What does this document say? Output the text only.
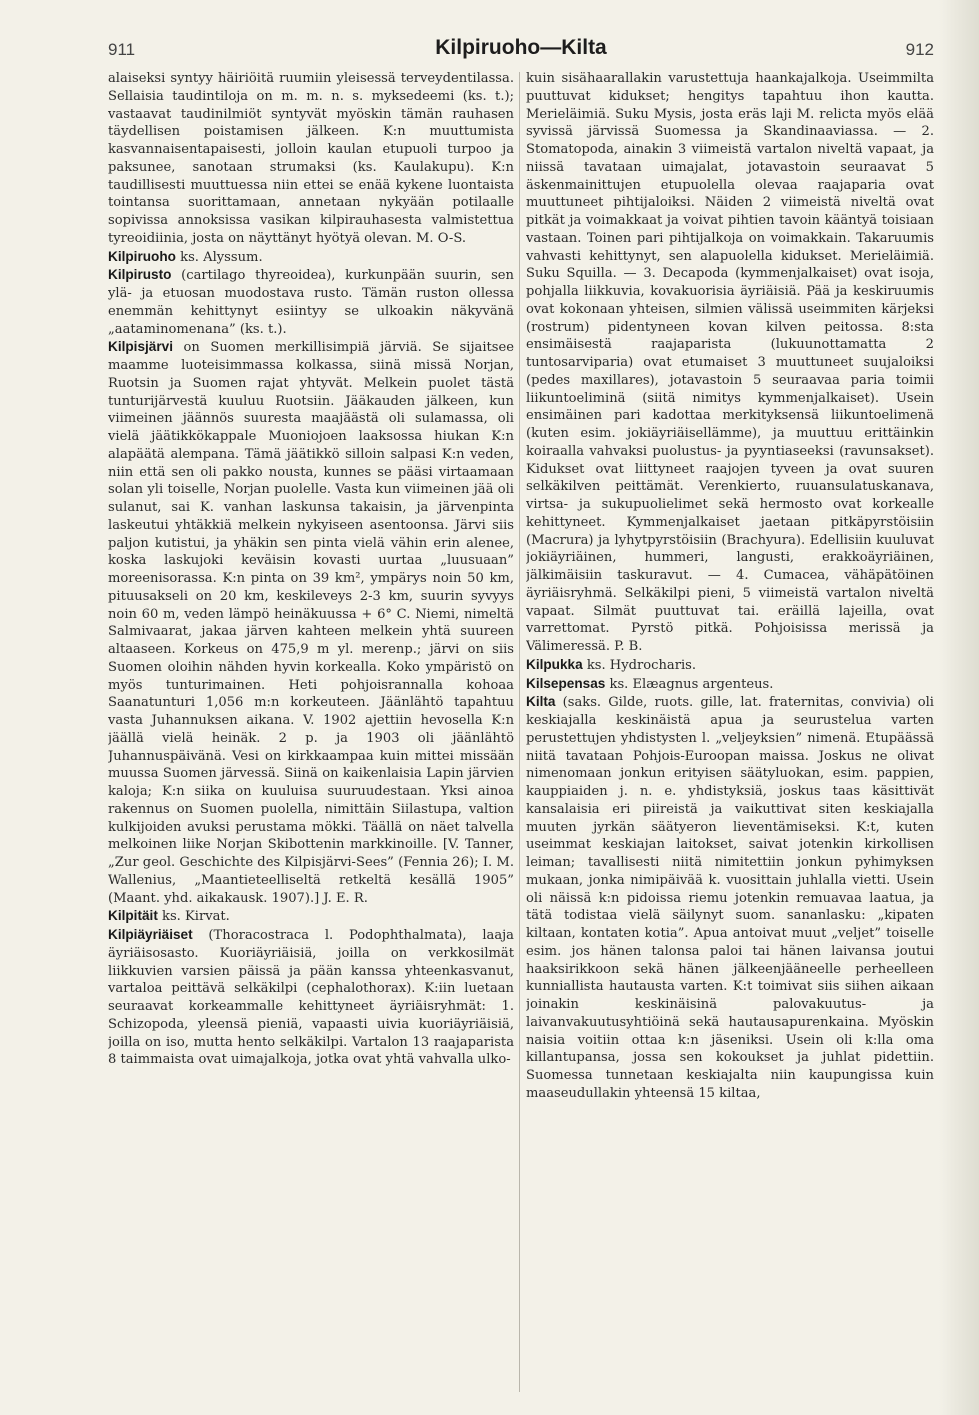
911	Kilpiruoho—Kilta	912

alaiseksi syntyy häiriöitä ruumiin yleisessä terveydentilassa. Sellaisia taudintiloja on m. m. n. s. myksedeemi (ks. t.); vastaavat taudinilmiöt syntyvät myöskin tämän rauhasen täydellisen poistamisen jälkeen. K:n muuttumista kasvannaisentapaisesti, jolloin kaulan etupuoli turpoo ja paksunee, sanotaan strumaksi (ks. Kaulakupu). K:n taudillisesti muuttuessa niin ettei se enää kykene luontaista tointansa suorittamaan, annetaan nykyään potilaalle sopivissa annoksissa vasikan kilpirauhasesta valmistettua tyreoidiinia, josta on näyttänyt hyötyä olevan. M. O-S.

Kilpiruoho ks. Alyssum.

Kilpirusto (cartilago thyreoidea), kurkunpään suurin, sen ylä- ja etuosan muodostava rusto. Tämän ruston ollessa enemmän kehittynyt esiintyy se ulkoakin näkyvänä „aataminomenana” (ks. t.).

Kilpisjärvi on Suomen merkillisimpiä järviä. Se sijaitsee maamme luoteisimmassa kolkassa, siinä missä Norjan, Ruotsin ja Suomen rajat yhtyvät. Melkein puolet tästä tunturijärvestä kuuluu Ruotsiin. Jääkauden jälkeen, kun viimeinen jäännös suuresta maajäästä oli sulamassa, oli vielä jäätikkökappale Muoniojoen laaksossa hiukan K:n alapäätä alempana. Tämä jäätikkö silloin salpasi K:n veden, niin että sen oli pakko nousta, kunnes se pääsi virtaamaan solan yli toiselle, Norjan puolelle. Vasta kun viimeinen jää oli sulanut, sai K. vanhan laskunsa takaisin, ja järvenpinta laskeutui yhtäkkiä melkein nykyiseen asentoonsa. Järvi siis paljon kutistui, ja yhäkin sen pinta vielä vähin erin alenee, koska laskujoki keväisin kovasti uurtaa „luusuaan” moreenisorassa. K:n pinta on 39 km², ympärys noin 50 km, pituusakseli on 20 km, keskileveys 2-3 km, suurin syvyys noin 60 m, veden lämpö heinäkuussa + 6° C. Niemi, nimeltä Salmivaarat, jakaa järven kahteen melkein yhtä suureen altaaseen. Korkeus on 475,9 m yl. merenp.; järvi on siis Suomen oloihin nähden hyvin korkealla. Koko ympäristö on myös tunturimainen. Heti pohjoisrannalla kohoaa Saanatunturi 1,056 m:n korkeuteen. Jäänlähtö tapahtuu vasta Juhannuksen aikana. V. 1902 ajettiin hevosella K:n jäällä vielä heinäk. 2 p. ja 1903 oli jäänlähtö Juhannuspäivänä. Vesi on kirkkaampaa kuin mittei missään muussa Suomen järvessä. Siinä on kaikenlaisia Lapin järvien kaloja; K:n siika on kuuluisa suuruudestaan. Yksi ainoa rakennus on Suomen puolella, nimittäin Siilastupa, valtion kulkijoiden avuksi perustama mökki. Täällä on näet talvella melkoinen liike Norjan Skibottenin markkinoille. [V. Tanner, „Zur geol. Geschichte des Kilpisjärvi-Sees” (Fennia 26); I. M. Wallenius, „Maantieteelliseltä retkeltä kesällä 1905” (Maant. yhd. aikakausk. 1907).] J. E. R.

Kilpitäit ks. Kirvat.

Kilpiäyriäiset (Thoracostraca l. Podophthalmata), laaja äyriäisosasto. Kuoriäyriäisiä, joilla on verkkosilmät liikkuvien varsien päissä ja pään kanssa yhteenkasvanut, vartaloa peittävä selkäkilpi (cephalothorax). K:iin luetaan seuraavat korkeammalle kehittyneet äyriäisryhmät: 1. Schizopoda, yleensä pieniä, vapaasti uivia kuoriäyriäisiä, joilla on iso, mutta hento selkäkilpi. Vartalon 13 raajaparista 8 taimmaista ovat uimajalkoja, jotka ovat yhtä vahvalla ulko-

kuin sisähaarallakin varustettuja haankajalkoja. Useimmilta puuttuvat kidukset; hengitys tapahtuu ihon kautta. Merieläimiä. Suku Mysis, josta eräs laji M. relicta myös elää syvissä järvissä Suomessa ja Skandinaaviassa. — 2. Stomatopoda, ainakin 3 viimeistä vartalon niveltä vapaat, ja niissä tavataan uimajalat, jotavastoin seuraavat 5 äskenmainittujen etupuolella olevaa raajaparia ovat muuttuneet pihtijaloiksi. Näiden 2 viimeistä niveltä ovat pitkät ja voimakkaat ja voivat pihtien tavoin kääntyä toisiaan vastaan. Toinen pari pihtijalkoja on voimakkain. Takaruumis vahvasti kehittynyt, sen alapuolella kidukset. Merieläimiä. Suku Squilla. — 3. Decapoda (kymmenjalkaiset) ovat isoja, pohjalla liikkuvia, kovakuorisia äyriäisiä. Pää ja keskiruumis ovat kokonaan yhteisen, silmien välissä useimmiten kärjeksi (rostrum) pidentyneen kovan kilven peitossa. 8:sta ensimäisestä raajaparista (lukuunottamatta 2 tuntosarviparia) ovat etumaiset 3 muuttuneet suujaloiksi (pedes maxillares), jotavastoin 5 seuraavaa paria toimii liikuntoeliminä (siitä nimitys kymmenjalkaiset). Usein ensimäinen pari kadottaa merkityksensä liikuntoelimenä (kuten esim. jokiäyriäisellämme), ja muuttuu erittäinkin koiraalla vahvaksi puolustus- ja pyyntiaseeksi (ravunsakset). Kidukset ovat liittyneet raajojen tyveen ja ovat suuren selkäkilven peittämät. Verenkierto, ruuansulatuskanava, virtsa- ja sukupuolielimet sekä hermosto ovat korkealle kehittyneet. Kymmenjalkaiset jaetaan pitkäpyrstöisiin (Macrura) ja lyhytpyrstöisiin (Brachyura). Edellisiin kuuluvat jokiäyriäinen, hummeri, langusti, erakkoäyriäinen, jälkimäisiin taskuravut. — 4. Cumacea, vähäpätöinen äyriäisryhmä. Selkäkilpi pieni, 5 viimeistä vartalon niveltä vapaat. Silmät puuttuvat tai. eräillä lajeilla, ovat varrettomat. Pyrstö pitkä. Pohjoisissa merissä ja Välimeressä. P. B.

Kilpukka ks. Hydrocharis.

Kilsepensas ks. Elæagnus argenteus.

Kilta (saks. Gilde, ruots. gille, lat. fraternitas, convivia) oli keskiajalla keskinäistä apua ja seurustelua varten perustettujen yhdistysten l. „veljeyksien” nimenä. Etupäässä niitä tavataan Pohjois-Euroopan maissa. Joskus ne olivat nimenomaan jonkun erityisen säätyluokan, esim. pappien, kauppiaiden j. n. e. yhdistyksiä, joskus taas käsittivät kansalaisia eri piireistä ja vaikuttivat siten keskiajalla muuten jyrkän säätyeron lieventämiseksi. K:t, kuten useimmat keskiajan laitokset, saivat jotenkin kirkollisen leiman; tavallisesti niitä nimitettiin jonkun pyhimyksen mukaan, jonka nimipäivää k. vuosittain juhlalla vietti. Usein oli näissä k:n pidoissa riemu jotenkin remuavaa laatua, ja tätä todistaa vielä säilynyt suom. sananlasku: „kipaten kiltaan, kontaten kotia”. Apua antoivat muut „veljet” toiselle esim. jos hänen talonsa paloi tai hänen laivansa joutui haaksirikkoon sekä hänen jälkeenjääneelle perheelleen kunniallista hautausta varten. K:t toimivat siis siihen aikaan joinakin keskinäisinä palovakuutus- ja laivanvakuutusyhtiöinä sekä hautausapurenkaina. Myöskin naisia voitiin ottaa k:n jäseniksi. Usein oli k:lla oma killantupansa, jossa sen kokoukset ja juhlat pidettiin. Suomessa tunnetaan keskiajalta niin kaupungissa kuin maaseudullakin yhteensä 15 kiltaa,
